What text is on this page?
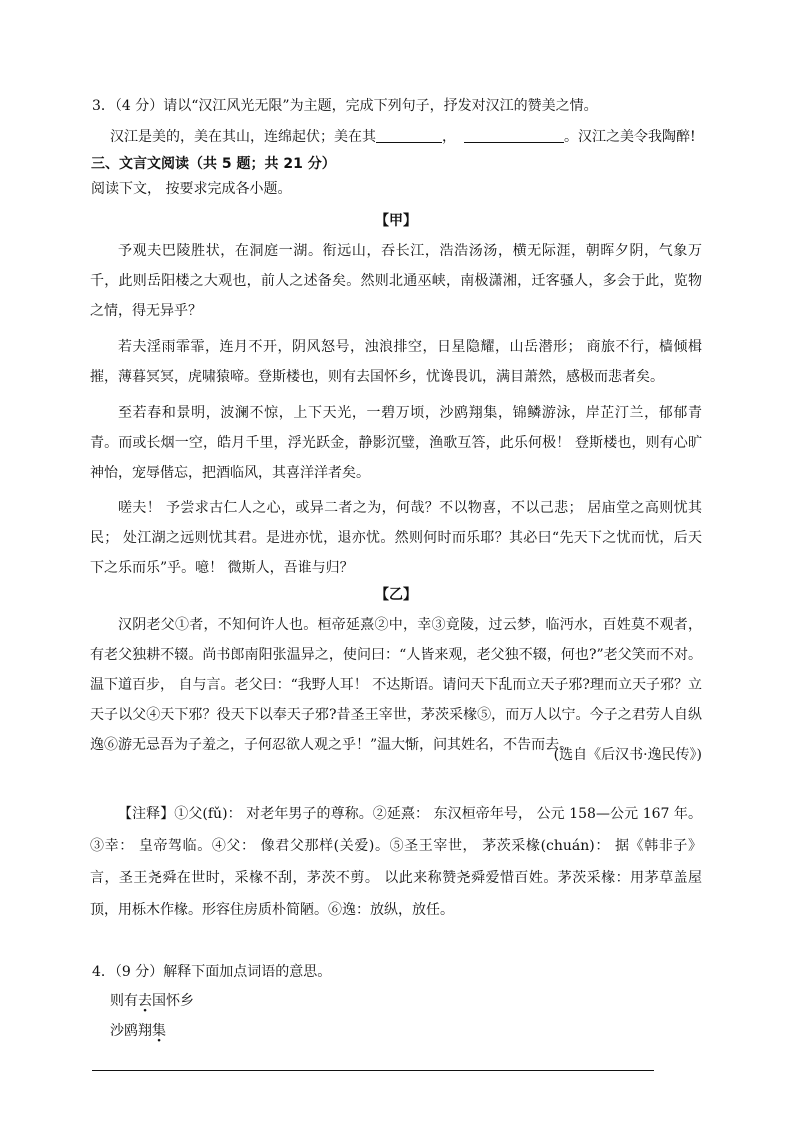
3．（4 分）请以“汉江风光无限”为主题，完成下列句子，抒发对汉江的赞美之情。
汉江是美的，美在其山，连绵起伏；美在其	，	。汉江之美令我陶醉!
三、文言文阅读（共 5 题；共 21 分）
阅读下文， 按要求完成各小题。
【甲】
予观夫巴陵胜状，在洞庭一湖。衔远山，吞长江，浩浩汤汤，横无际涯，朝晖夕阴，气象万千，此则岳阳楼之大观也，前人之述备矣。然则北通巫峡，南极潇湘，迁客骚人，多会于此，览物之情，得无异乎？
若夫淫雨霏霏，连月不开，阴风怒号，浊浪排空，日星隐耀，山岳潜形； 商旅不行，樯倾楫摧，薄暮冥冥，虎啸猿啼。登斯楼也，则有去国怀乡，忧谗畏讥，满目萧然，感极而悲者矣。
至若春和景明，波澜不惊，上下天光，一碧万顷，沙鸥翔集，锦鳞游泳，岸芷汀兰，郁郁青青。而或长烟一空，皓月千里，浮光跃金，静影沉璧，渔歌互答，此乐何极！ 登斯楼也，则有心旷神怡，宠辱偕忘，把酒临风，其喜洋洋者矣。
嗟夫！ 予尝求古仁人之心，或异二者之为，何哉？不以物喜，不以己悲； 居庙堂之高则忧其民； 处江湖之远则忧其君。是进亦忧，退亦忧。然则何时而乐耶？其必曰“先天下之忧而忧，后天下之乐而乐”乎。噫！ 微斯人，吾谁与归？
【乙】
汉阴老父①者，不知何许人也。桓帝延熹②中，幸③竟陵，过云梦，临沔水，百姓莫不观者，有老父独耕不辍。尚书郎南阳张温异之，使问曰：“人皆来观，老父独不辍，何也?”老父笑而不对。温下道百步， 自与言。老父曰：“我野人耳！ 不达斯语。请问天下乱而立天子邪?理而立天子邪？立天子以父④天下邪？役天下以奉天子邪?昔圣王宰世，茅茨采椽⑤，而万人以宁。今子之君劳人自纵逸⑥游无忌吾为子羞之，子何忍欲人观之乎！”温大惭，问其姓名，不告而去。
(选自《后汉书·逸民传》)
【注释】①父(fǔ)： 对老年男子的尊称。②延熹： 东汉桓帝年号， 公元 158—公元 167 年。③幸： 皇帝驾临。④父： 像君父那样(关爱)。⑤圣王宰世， 茅茨采椽(chuán)： 据《韩非子》言，圣王尧舜在世时，采椽不刮，茅茨不剪。 以此来称赞尧舜爱惜百姓。茅茨采椽：用茅草盖屋顶，用栎木作椽。形容住房质朴简陋。⑥逸：放纵，放任。
4．（9 分）解释下面加点词语的意思。
则有去国怀乡
沙鸥翔集
